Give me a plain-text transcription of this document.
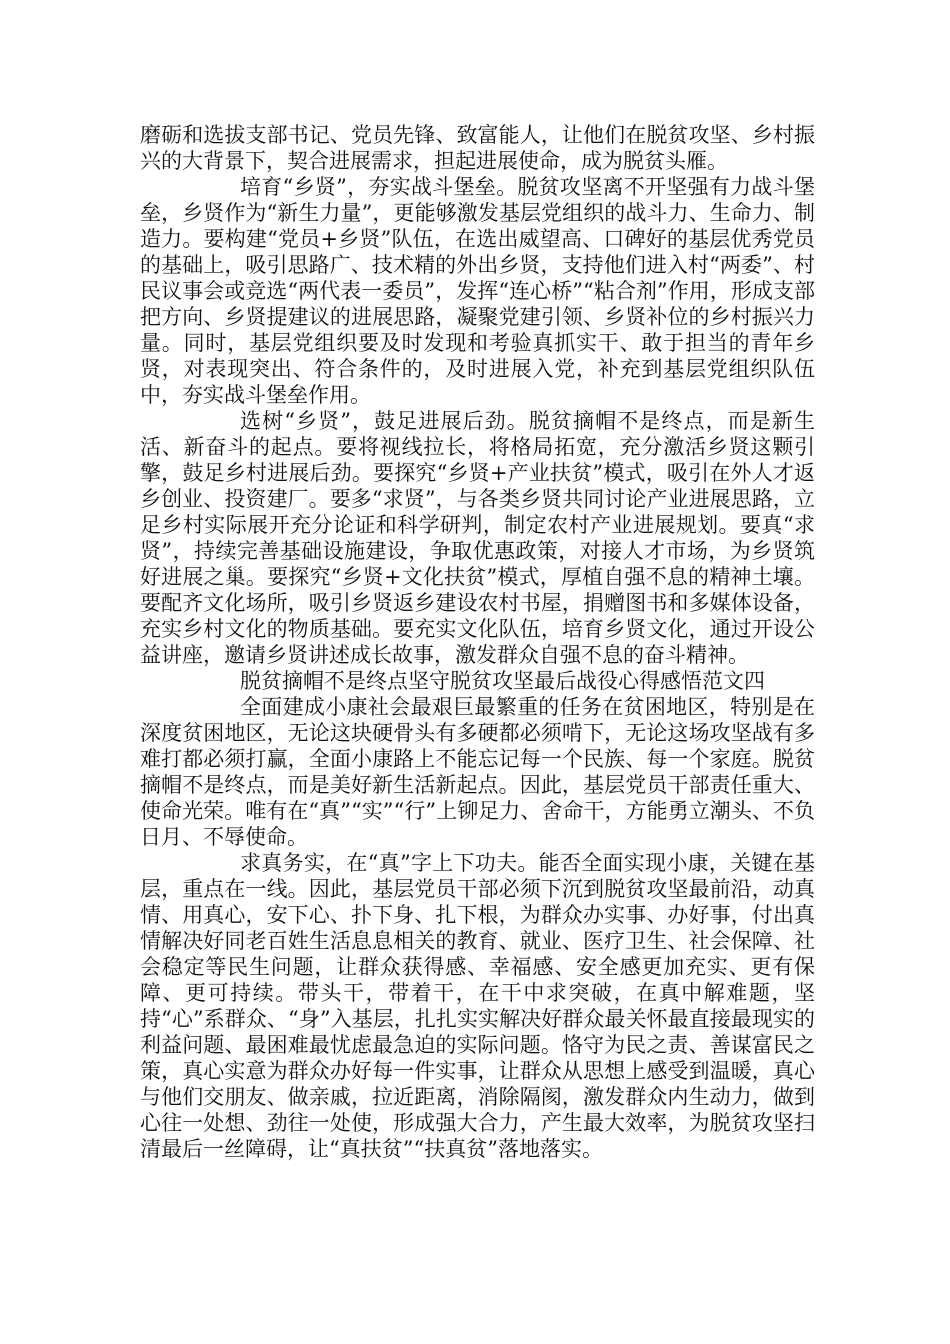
磨砺和选拔支部书记、党员先锋、致富能人，让他们在脱贫攻坚、乡村振兴的大背景下，契合进展需求，担起进展使命，成为脱贫头雁。

培育“乡贤”，夯实战斗堡垒。脱贫攻坚离不开坚强有力战斗堡垒，乡贤作为“新生力量”，更能够激发基层党组织的战斗力、生命力、制造力。要构建“党员+乡贤”队伍，在选出威望高、口碑好的基层优秀党员的基础上，吸引思路广、技术精的外出乡贤，支持他们进入村“两委”、村民议事会或竞选“两代表一委员”，发挥“连心桥”“粘合剂”作用，形成支部把方向、乡贤提建议的进展思路，凝聚党建引领、乡贤补位的乡村振兴力量。同时，基层党组织要及时发现和考验真抓实干、敢于担当的青年乡贤，对表现突出、符合条件的，及时进展入党，补充到基层党组织队伍中，夯实战斗堡垒作用。

选树“乡贤”，鼓足进展后劲。脱贫摘帽不是终点，而是新生活、新奋斗的起点。要将视线拉长，将格局拓宽，充分激活乡贤这颗引擎，鼓足乡村进展后劲。要探究“乡贤+产业扶贫”模式，吸引在外人才返乡创业、投资建厂。要多“求贤”，与各类乡贤共同讨论产业进展思路，立足乡村实际展开充分论证和科学研判，制定农村产业进展规划。要真“求贤”，持续完善基础设施建设，争取优惠政策，对接人才市场，为乡贤筑好进展之巢。要探究“乡贤+文化扶贫”模式，厚植自强不息的精神土壤。要配齐文化场所，吸引乡贤返乡建设农村书屋，捐赠图书和多媒体设备，充实乡村文化的物质基础。要充实文化队伍，培育乡贤文化，通过开设公益讲座，邀请乡贤讲述成长故事，激发群众自强不息的奋斗精神。

脱贫摘帽不是终点坚守脱贫攻坚最后战役心得感悟范文四

全面建成小康社会最艰巨最繁重的任务在贫困地区，特别是在深度贫困地区，无论这块硬骨头有多硬都必须啃下，无论这场攻坚战有多难打都必须打赢，全面小康路上不能忘记每一个民族、每一个家庭。脱贫摘帽不是终点，而是美好新生活新起点。因此，基层党员干部责任重大、使命光荣。唯有在“真”“实”“行”上铆足力、舍命干，方能勇立潮头、不负日月、不辱使命。

求真务实，在“真”字上下功夫。能否全面实现小康，关键在基层，重点在一线。因此，基层党员干部必须下沉到脱贫攻坚最前沿，动真情、用真心，安下心、扑下身、扎下根，为群众办实事、办好事，付出真情解决好同老百姓生活息息相关的教育、就业、医疗卫生、社会保障、社会稳定等民生问题，让群众获得感、幸福感、安全感更加充实、更有保障、更可持续。带头干，带着干，在干中求突破，在真中解难题，坚持“心”系群众、“身”入基层，扎扎实实解决好群众最关怀最直接最现实的利益问题、最困难最忧虑最急迫的实际问题。恪守为民之责、善谋富民之策，真心实意为群众办好每一件实事，让群众从思想上感受到温暖，真心与他们交朋友、做亲戚，拉近距离，消除隔阂，激发群众内生动力，做到心往一处想、劲往一处使，形成强大合力，产生最大效率，为脱贫攻坚扫清最后一丝障碍，让“真扶贫”“扶真贫”落地落实。
